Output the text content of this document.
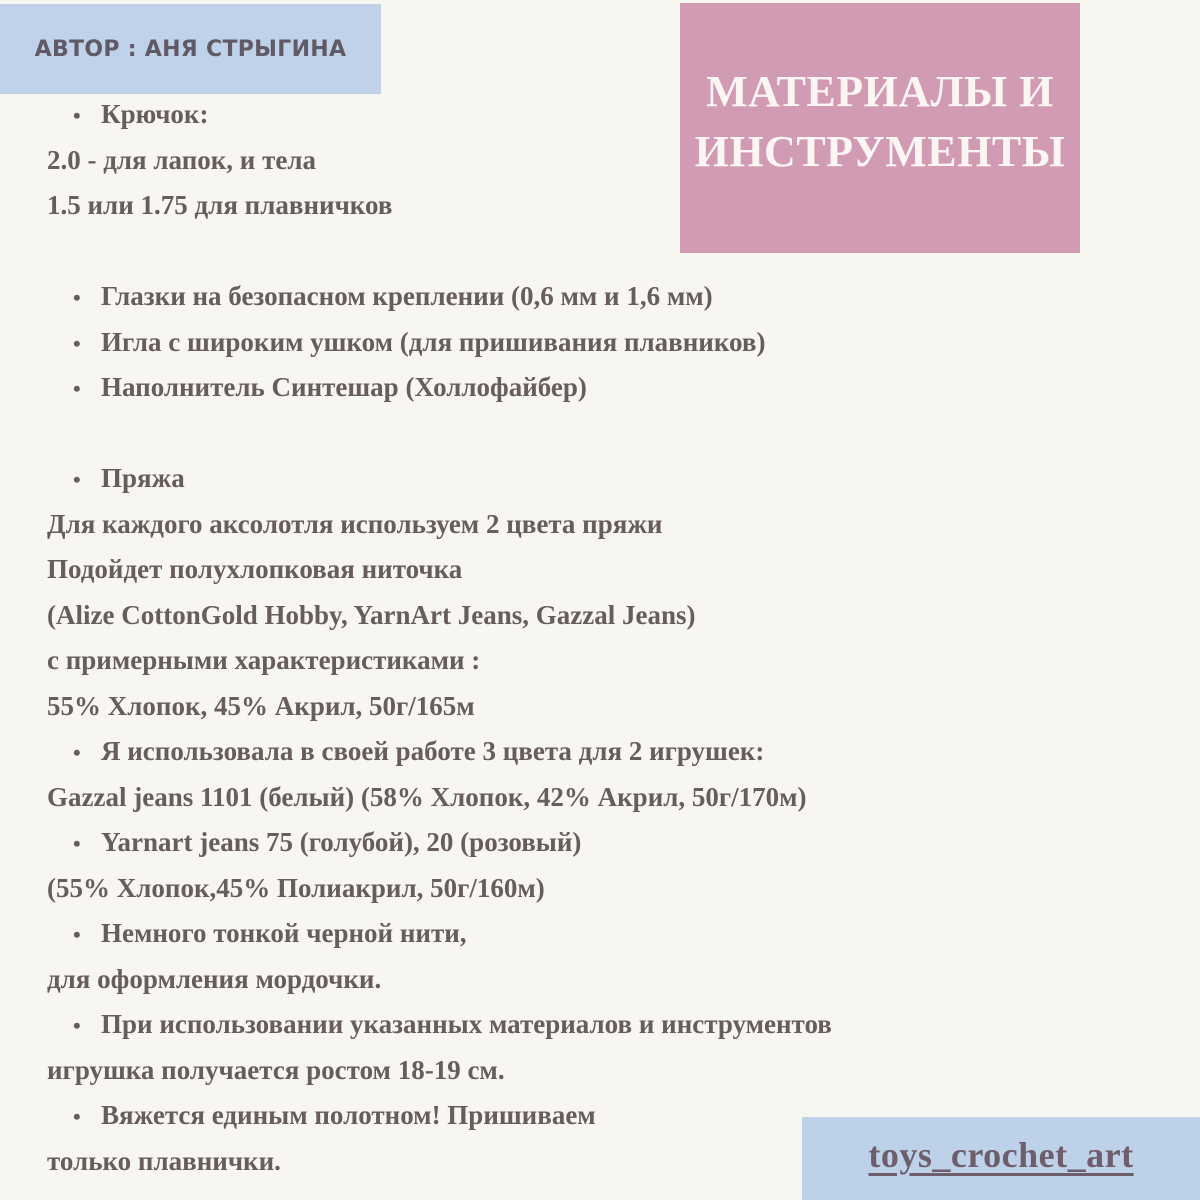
АВТОР : АНЯ СТРЫГИНА
МАТЕРИАЛЫ И
ИНСТРУМЕНТЫ
• Крючок:
2.0 - для лапок, и тела
1.5 или 1.75 для плавничков
• Глазки на безопасном креплении (0,6 мм и 1,6 мм)
• Игла с широким ушком (для пришивания плавников)
• Наполнитель Синтешар (Холлофайбер)
• Пряжа
Для каждого аксолотля используем 2 цвета пряжи
Подойдет полухлопковая ниточка
(Alize CottonGold Hobby, YarnArt Jeans, Gazzal Jeans)
с примерными характеристиками :
55% Хлопок, 45% Акрил, 50г/165м
• Я использовала в своей работе 3 цвета для 2 игрушек:
Gazzal jeans 1101 (белый) (58% Хлопок, 42% Акрил, 50г/170м)
• Yarnart jeans 75 (голубой), 20 (розовый)
(55% Хлопок,45% Полиакрил, 50г/160м)
• Немного тонкой черной нити,
для оформления мордочки.
• При использовании указанных материалов и инструментов
игрушка получается ростом 18-19 см.
• Вяжется единым полотном! Пришиваем
только плавнички.	toys_crochet_art
